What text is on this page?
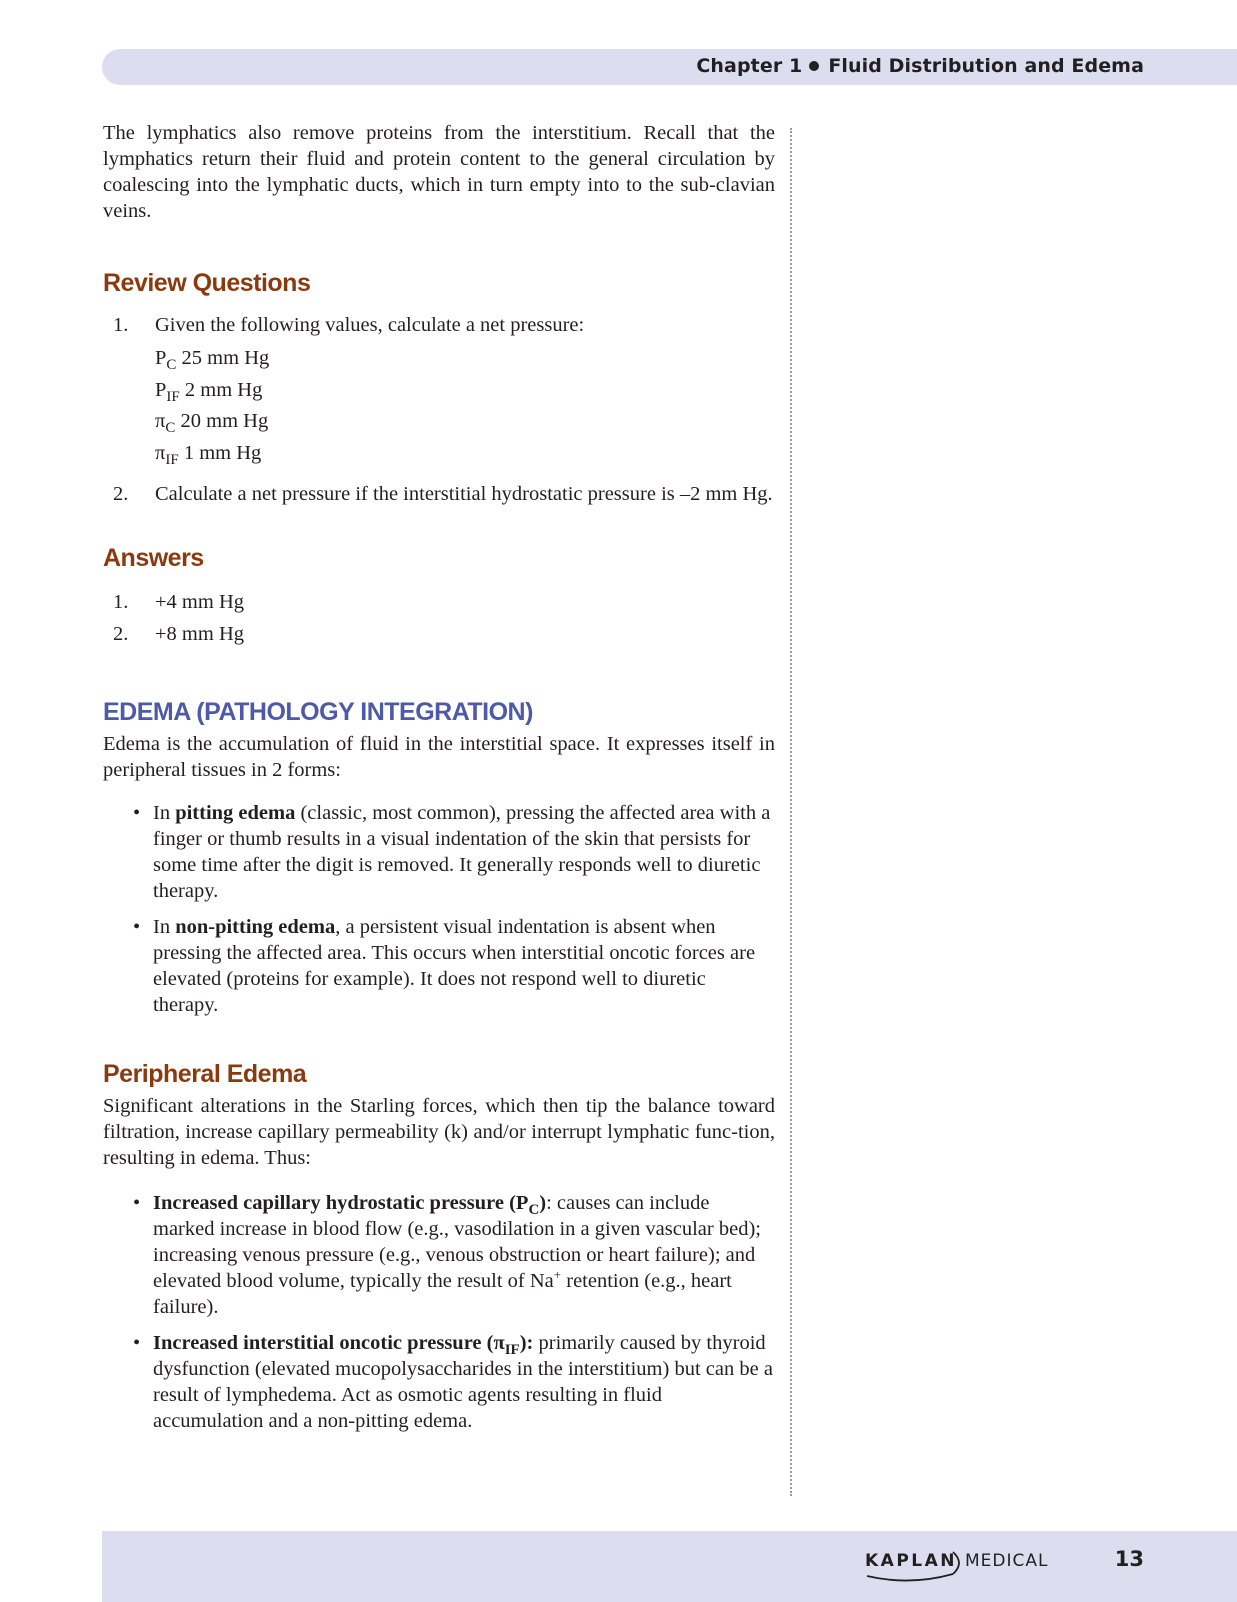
Chapter 1 Fluid Distribution and Edema

The lymphatics also remove proteins from the interstitium. Recall that the lymphatics return their fluid and protein content to the general circulation by coalescing into the lymphatic ducts, which in turn empty into to the sub-clavian veins.

Review Questions
1. Given the following values, calculate a net pressure:
$P_C$ 25 mm Hg
$P_{IF}$ 2 mm Hg
$\pi_C$ 20 mm Hg
$\pi_{IF}$ 1 mm Hg
2. Calculate a net pressure if the interstitial hydrostatic pressure is –2 mm Hg.
Answers
1. +4 mm Hg
2. +8 mm Hg
EDEMA (PATHOLOGY INTEGRATION)

Edema is the accumulation of fluid in the interstitial space. It expresses itself in peripheral tissues in 2 forms:

• In pitting edema (classic, most common), pressing the affected area with a finger or thumb results in a visual indentation of the skin that persists for some time after the digit is removed. It generally responds well to diuretic therapy.
• In non-pitting edema, a persistent visual indentation is absent when pressing the affected area. This occurs when interstitial oncotic forces are elevated (proteins for example). It does not respond well to diuretic therapy.
Peripheral Edema

Significant alterations in the Starling forces, which then tip the balance toward filtration, increase capillary permeability (k) and/or interrupt lymphatic func-tion, resulting in edema. Thus:

• Increased capillary hydrostatic pressure $(P_C)$: causes can include marked increase in blood flow (e.g., vasodilation in a given vascular bed); increasing venous pressure (e.g., venous obstruction or heart failure); and elevated blood volume, typically the result of Na+ retention (e.g., heart failure).
• Increased interstitial oncotic pressure $(\pi_{IF})$: primarily caused by thyroid dysfunction (elevated mucopolysaccharides in the interstitium) but can be a result of lymphedema. Act as osmotic agents resulting in fluid accumulation and a non-pitting edema.
KAPLAN MEDICAL	13
